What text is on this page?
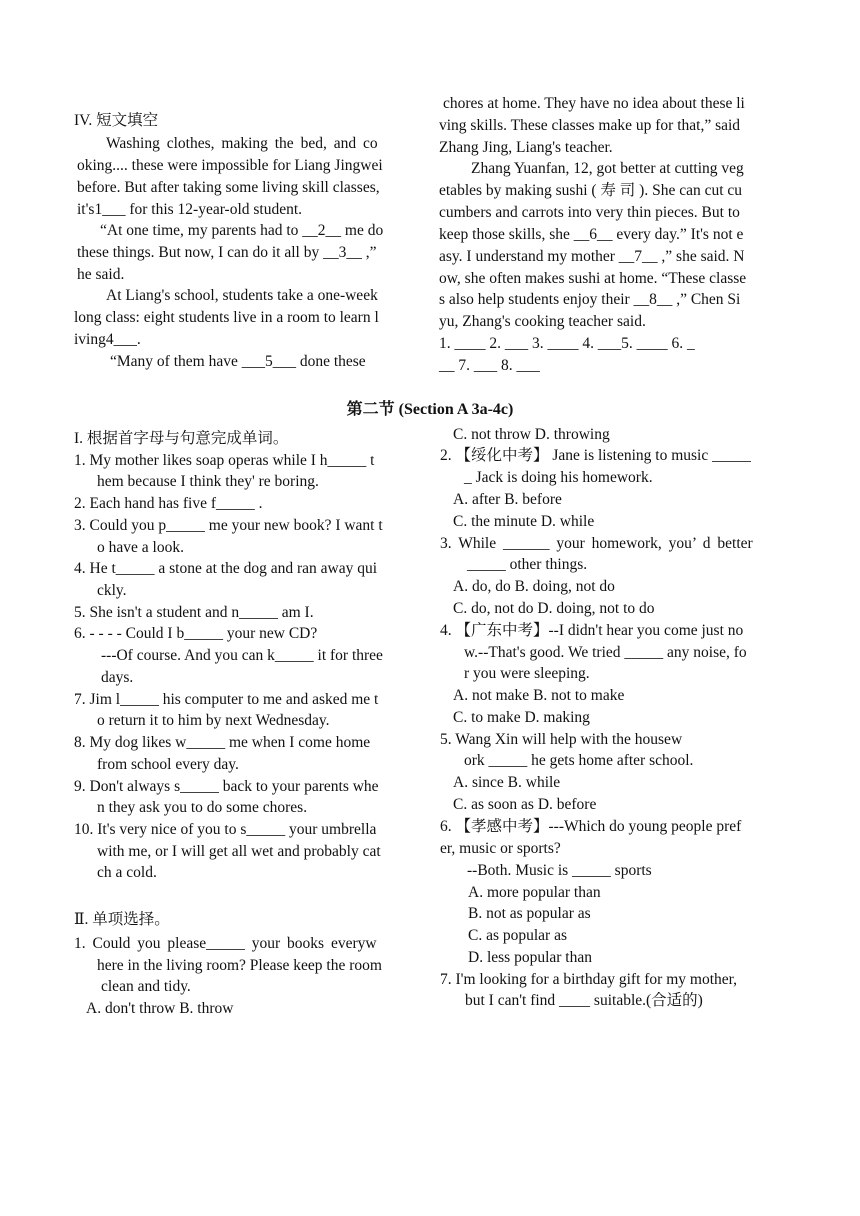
IV. 短文填空
Washing clothes, making the bed, and co
oking.... these were impossible for Liang Jingwei
before. But after taking some living skill classes,
it's1___ for this 12-year-old student.
“At one time, my parents had to __2__ me do
these things. But now, I can do it all by __3__ ,”
he said.
At Liang's school, students take a one-week
long class: eight students live in a room to learn l
iving4___.
“Many of them have ___5___ done these
chores at home. They have no idea about these li
ving skills. These classes make up for that,” said
Zhang Jing, Liang's teacher.
Zhang Yuanfan, 12, got better at cutting veg
etables by making sushi ( 寿 司 ). She can cut cu
cumbers and carrots into very thin pieces. But to
keep those skills, she __6__ every day.” It's not e
asy. I understand my mother __7__ ,” she said. N
ow, she often makes sushi at home. “These classe
s also help students enjoy their __8__ ,” Chen Si
yu, Zhang's cooking teacher said.
1. ____ 2. ___ 3. ____ 4. ___5. ____ 6. _
__ 7. ___ 8. ___
第二节 (Section A 3a-4c)
I. 根据首字母与句意完成单词。
1. My mother likes soap operas while I h_____ t
hem because I think they' re boring.
2. Each hand has five f_____ .
3. Could you p_____ me your new book? I want t
o have a look.
4. He t_____ a stone at the dog and ran away qui
ckly.
5. She isn't a student and n_____ am I.
6. - - - - Could I b_____ your new CD?
---Of course. And you can k_____ it for three
days.
7. Jim l_____ his computer to me and asked me t
o return it to him by next Wednesday.
8. My dog likes w_____ me when I come home
from school every day.
9. Don't always s_____ back to your parents whe
n they ask you to do some chores.
10. It's very nice of you to s_____ your umbrella
with me, or I will get all wet and probably cat
ch a cold.
Ⅱ. 单项选择。
1. Could you please_____ your books everyw
here in the living room? Please keep the room
clean and tidy.
A. don't throw B. throw
C. not throw D. throwing
2. 【绥化中考】 Jane is listening to music _____
_ Jack is doing his homework.
A. after B. before
C. the minute D. while
3. While ______ your homework, you’ d better
_____ other things.
A. do, do B. doing, not do
C. do, not do D. doing, not to do
4. 【广东中考】--I didn't hear you come just no
w.--That's good. We tried _____ any noise, fo
r you were sleeping.
A. not make B. not to make
C. to make D. making
5. Wang Xin will help with the housew
ork _____ he gets home after school.
A. since B. while
C. as soon as D. before
6. 【孝感中考】---Which do young people pref
er, music or sports?
--Both. Music is _____ sports
A. more popular than
B. not as popular as
C. as popular as
D. less popular than
7. I'm looking for a birthday gift for my mother,
but I can't find ____ suitable.(合适的)
